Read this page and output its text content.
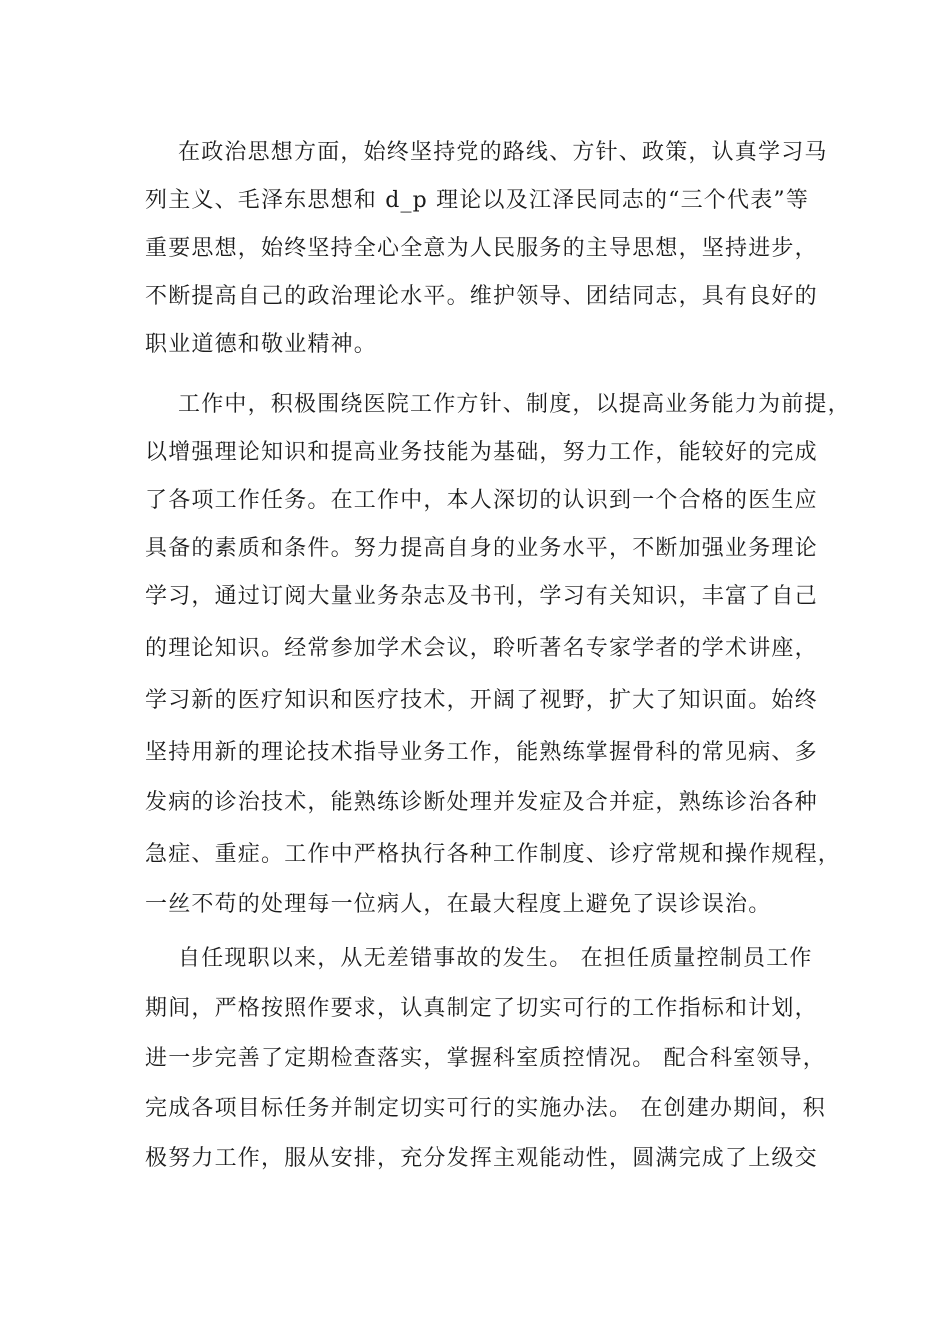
在政治思想方面，始终坚持党的路线、方针、政策，认真学习马
列主义、毛泽东思想和 d_p 理论以及江泽民同志的“三个代表”等
重要思想，始终坚持全心全意为人民服务的主导思想，坚持进步，
不断提高自己的政治理论水平。维护领导、团结同志，具有良好的
职业道德和敬业精神。
工作中，积极围绕医院工作方针、制度，以提高业务能力为前提，
以增强理论知识和提高业务技能为基础，努力工作，能较好的完成
了各项工作任务。在工作中，本人深切的认识到一个合格的医生应
具备的素质和条件。努力提高自身的业务水平，不断加强业务理论
学习，通过订阅大量业务杂志及书刊，学习有关知识，丰富了自己
的理论知识。经常参加学术会议，聆听著名专家学者的学术讲座，
学习新的医疗知识和医疗技术，开阔了视野，扩大了知识面。始终
坚持用新的理论技术指导业务工作，能熟练掌握骨科的常见病、多
发病的诊治技术，能熟练诊断处理并发症及合并症，熟练诊治各种
急症、重症。工作中严格执行各种工作制度、诊疗常规和操作规程，
一丝不苟的处理每一位病人，在最大程度上避免了误诊误治。
自任现职以来，从无差错事故的发生。 在担任质量控制员工作
期间，严格按照作要求，认真制定了切实可行的工作指标和计划，
进一步完善了定期检查落实，掌握科室质控情况。 配合科室领导，
完成各项目标任务并制定切实可行的实施办法。 在创建办期间，积
极努力工作，服从安排，充分发挥主观能动性，圆满完成了上级交
